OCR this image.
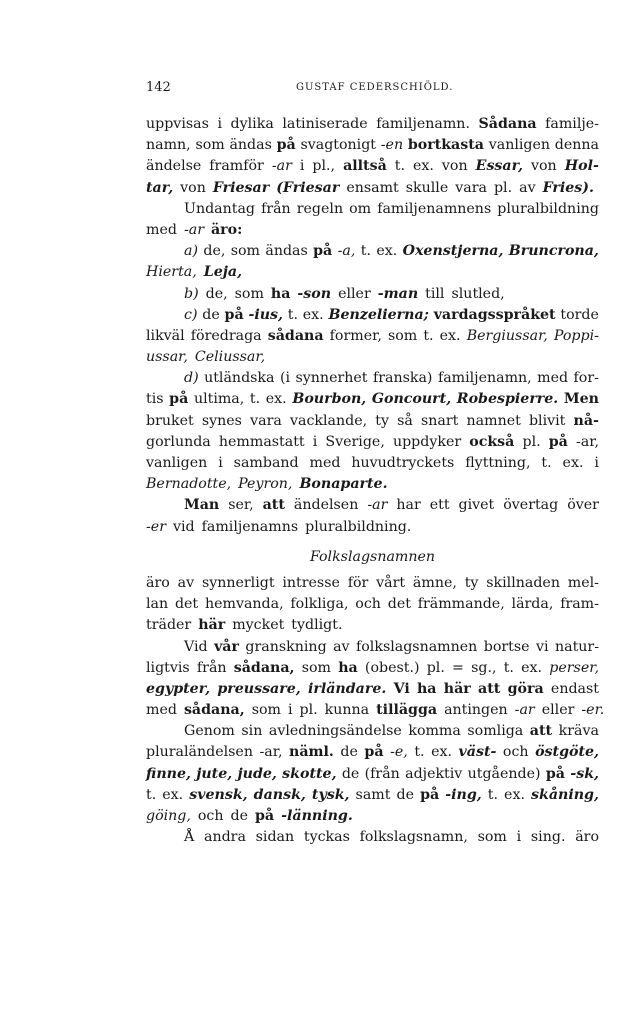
142	GUSTAF CEDERSCHIÖLD.
uppvisas i dylika latiniserade familjenamn. Sådana familje-
namn, som ändas på svagtonigt -en bortkasta vanligen denna
ändelse framför -ar i pl., alltså t. ex. von Essar, von Hol-
tar, von Friesar (Friesar ensamt skulle vara pl. av Fries).
Undantag från regeln om familjenamnens pluralbildning
med -ar äro:
a) de, som ändas på -a, t. ex. Oxenstjerna, Bruncrona,
Hierta, Leja,
b) de, som ha -son eller -man till slutled,
c) de på -ius, t. ex. Benzelierna; vardagsspråket torde
likväl föredraga sådana former, som t. ex. Bergiussar, Poppi-
ussar, Celiussar,
d) utländska (i synnerhet franska) familjenamn, med for-
tis på ultima, t. ex. Bourbon, Goncourt, Robespierre. Men
bruket synes vara vacklande, ty så snart namnet blivit nå-
gorlunda hemmastatt i Sverige, uppdyker också pl. på -ar,
vanligen i samband med huvudtryckets flyttning, t. ex. i
Bernadotte, Peyron, Bonaparte.
Man ser, att ändelsen -ar har ett givet övertag över
-er vid familjenamns pluralbildning.
Folkslagsnamnen
äro av synnerligt intresse för vårt ämne, ty skillnaden mel-
lan det hemvanda, folkliga, och det främmande, lärda, fram-
träder här mycket tydligt.
Vid vår granskning av folkslagsnamnen bortse vi natur-
ligtvis från sådana, som ha (obest.) pl. = sg., t. ex. perser,
egypter, preussare, irländare. Vi ha här att göra endast
med sådana, som i pl. kunna tillägga antingen -ar eller -er.
Genom sin avledningsändelse komma somliga att kräva
pluraländelsen -ar, näml. de på -e, t. ex. väst- och östgöte,
finne, jute, jude, skotte, de (från adjektiv utgående) på -sk,
t. ex. svensk, dansk, tysk, samt de på -ing, t. ex. skåning,
göing, och de på -länning.
Å andra sidan tyckas folkslagsnamn, som i sing. äro
